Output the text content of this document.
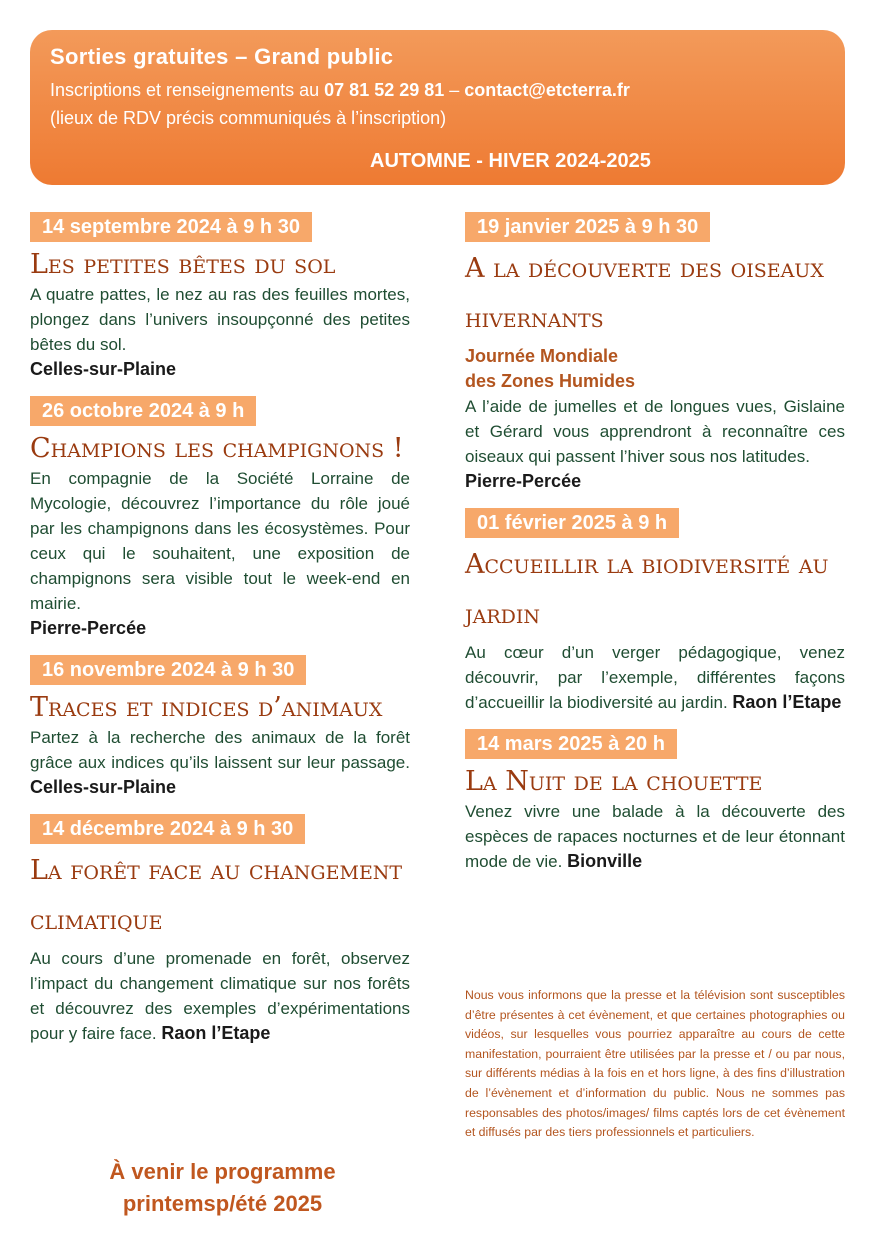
Sorties gratuites – Grand public
Inscriptions et renseignements au 07 81 52 29 81 – contact@etcterra.fr
(lieux de RDV précis communiqués à l’inscription)
AUTOMNE - HIVER 2024-2025
14 septembre 2024 à 9 h 30
Les petites bêtes du sol
A quatre pattes, le nez au ras des feuilles mortes, plongez dans l’univers insoupçonné des petites bêtes du sol.
Celles-sur-Plaine
26 octobre 2024 à 9 h
Champions les champignons !
En compagnie de la Société Lorraine de Mycologie, découvrez l’importance du rôle joué par les champignons dans les écosystèmes. Pour ceux qui le souhaitent, une exposition de champignons sera visible tout le week-end en mairie.
Pierre-Percée
16 novembre 2024 à 9 h 30
Traces et indices d’animaux
Partez à la recherche des animaux de la forêt grâce aux indices qu’ils laissent sur leur passage. Celles-sur-Plaine
14 décembre 2024 à 9 h 30
La forêt face au changement climatique
Au cours d’une promenade en forêt, observez l’impact du changement climatique sur nos forêts et découvrez des exemples d’expérimentations pour y faire face. Raon l’Etape
19 janvier 2025 à 9 h 30
A la découverte des oiseaux hivernants
Journée Mondiale
des Zones Humides
A l’aide de jumelles et de longues vues, Gislaine et Gérard vous apprendront à reconnaître ces oiseaux qui passent l’hiver sous nos latitudes.
Pierre-Percée
01 février 2025 à 9 h
Accueillir la biodiversité au jardin
Au cœur d’un verger pédagogique, venez découvrir, par l’exemple, différentes façons d’accueillir la biodiversité au jardin. Raon l’Etape
14 mars 2025 à 20 h
La Nuit de la chouette
Venez vivre une balade à la découverte des espèces de rapaces nocturnes et de leur étonnant mode de vie. Bionville
Nous vous informons que la presse et la télévision sont susceptibles d’être présentes à cet évènement, et que certaines photographies ou vidéos, sur lesquelles vous pourriez apparaître au cours de cette manifestation, pourraient être utilisées par la presse et / ou par nous, sur différents médias à la fois en et hors ligne, à des fins d’illustration de l’évènement et d’information du public. Nous ne sommes pas responsables des photos/images/ films captés lors de cet évènement et diffusés par des tiers professionnels et particuliers.
À venir le programme
printemsp/été 2025
